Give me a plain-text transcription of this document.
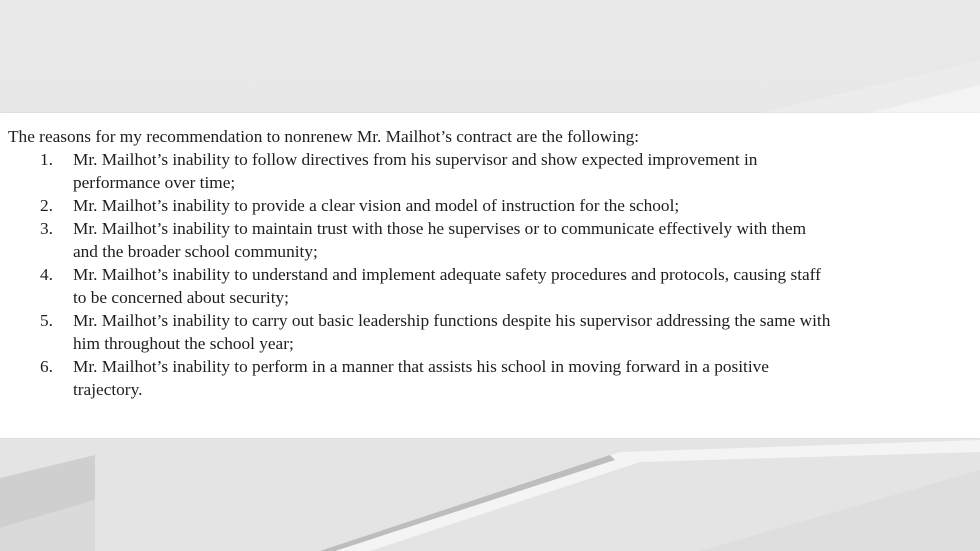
The reasons for my recommendation to nonrenew Mr. Mailhot’s contract are the following:

1. Mr. Mailhot’s inability to follow directives from his supervisor and show expected improvement in
performance over time;
2. Mr. Mailhot’s inability to provide a clear vision and model of instruction for the school;
3. Mr. Mailhot’s inability to maintain trust with those he supervises or to communicate effectively with them
and the broader school community;
4. Mr. Mailhot’s inability to understand and implement adequate safety procedures and protocols, causing staff
to be concerned about security;
5. Mr. Mailhot’s inability to carry out basic leadership functions despite his supervisor addressing the same with
him throughout the school year;
6. Mr. Mailhot’s inability to perform in a manner that assists his school in moving forward in a positive
trajectory.
